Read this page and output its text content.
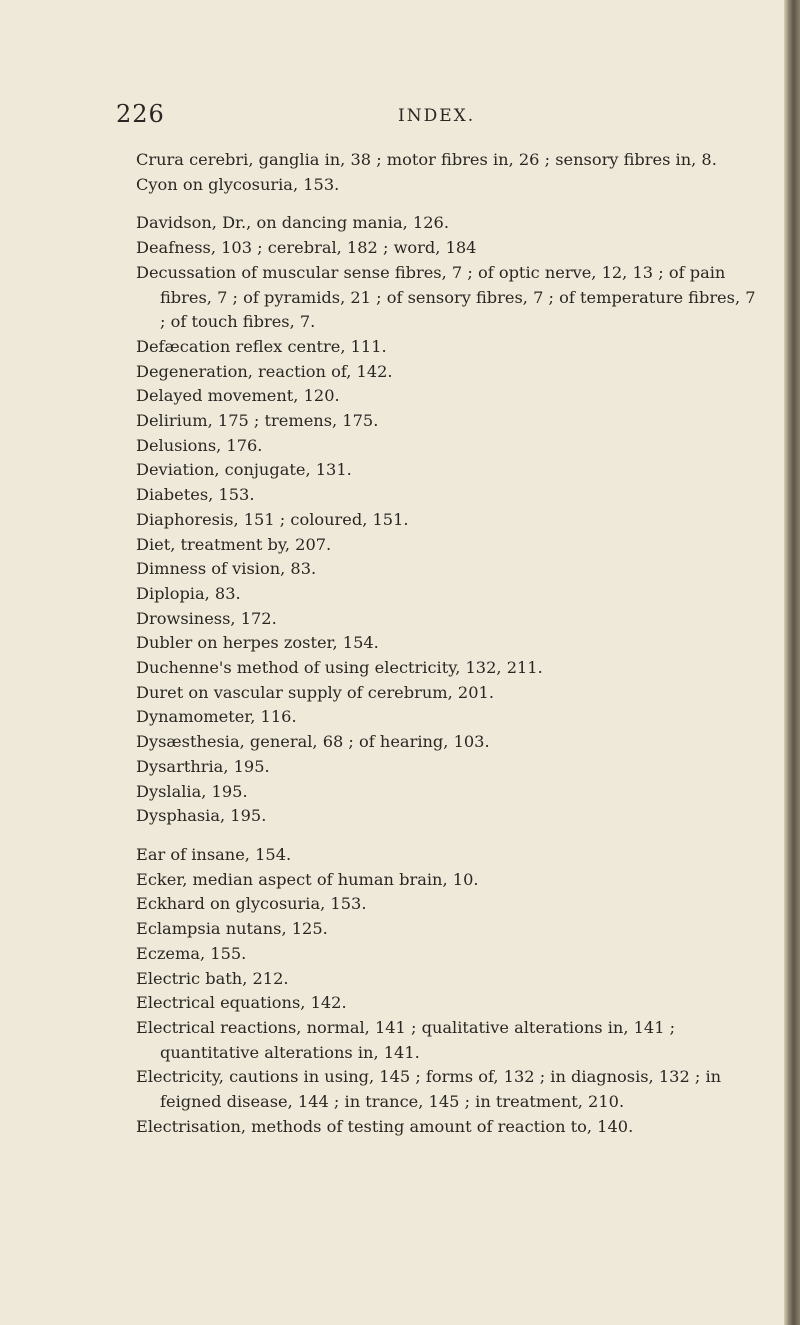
226	INDEX.
Crura cerebri, ganglia in, 38 ; motor fibres in, 26 ; sensory fibres in, 8.
Cyon on glycosuria, 153.
Davidson, Dr., on dancing mania, 126.
Deafness, 103 ; cerebral, 182 ; word, 184
Decussation of muscular sense fibres, 7 ; of optic nerve, 12, 13 ; of pain fibres, 7 ; of pyramids, 21 ; of sensory fibres, 7 ; of temperature fibres, 7 ; of touch fibres, 7.
Defæcation reflex centre, 111.
Degeneration, reaction of, 142.
Delayed movement, 120.
Delirium, 175 ; tremens, 175.
Delusions, 176.
Deviation, conjugate, 131.
Diabetes, 153.
Diaphoresis, 151 ; coloured, 151.
Diet, treatment by, 207.
Dimness of vision, 83.
Diplopia, 83.
Drowsiness, 172.
Dubler on herpes zoster, 154.
Duchenne's method of using electricity, 132, 211.
Duret on vascular supply of cerebrum, 201.
Dynamometer, 116.
Dysæsthesia, general, 68 ; of hearing, 103.
Dysarthria, 195.
Dyslalia, 195.
Dysphasia, 195.
Ear of insane, 154.
Ecker, median aspect of human brain, 10.
Eckhard on glycosuria, 153.
Eclampsia nutans, 125.
Eczema, 155.
Electric bath, 212.
Electrical equations, 142.
Electrical reactions, normal, 141 ; qualitative alterations in, 141 ; quantitative alterations in, 141.
Electricity, cautions in using, 145 ; forms of, 132 ; in diagnosis, 132 ; in feigned disease, 144 ; in trance, 145 ; in treatment, 210.
Electrisation, methods of testing amount of reaction to, 140.
